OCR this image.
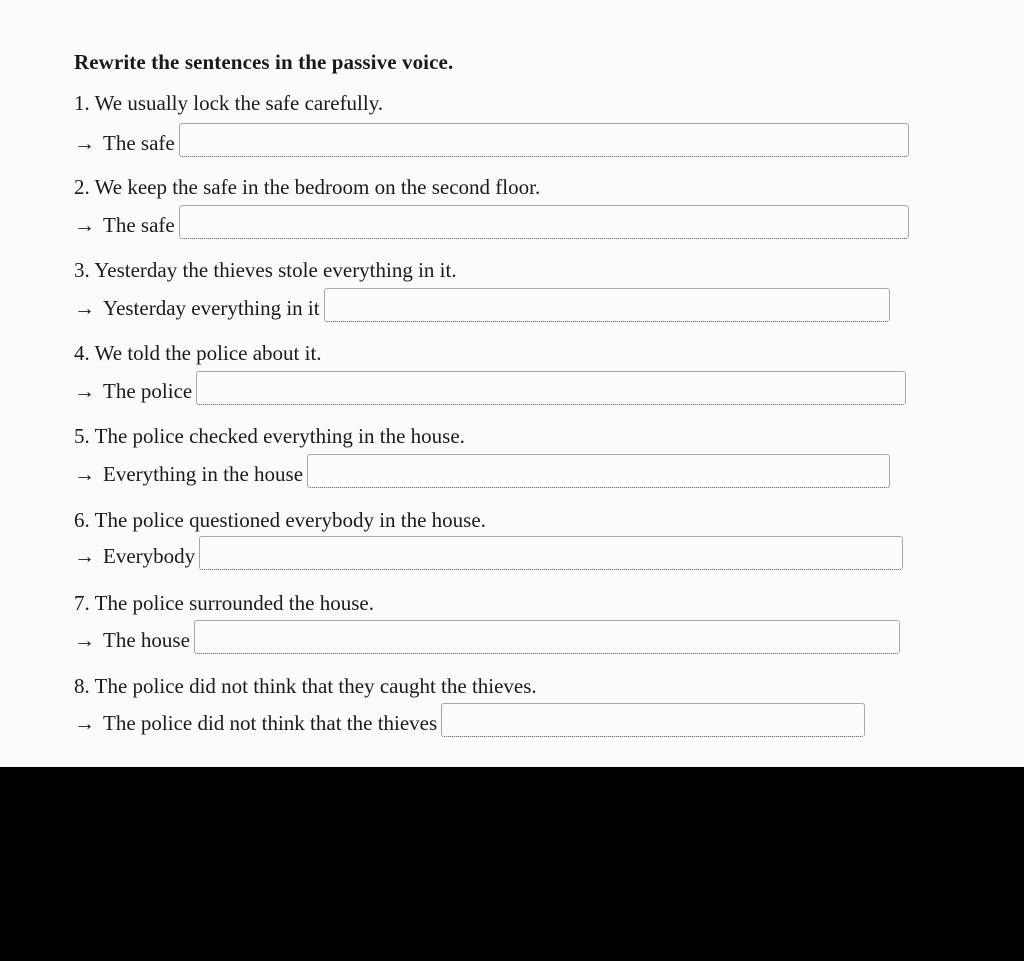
Rewrite the sentences in the passive voice.
1. We usually lock the safe carefully.
→ The safe
2. We keep the safe in the bedroom on the second floor.
→ The safe
3. Yesterday the thieves stole everything in it.
→ Yesterday everything in it
4. We told the police about it.
→ The police
5. The police checked everything in the house.
→ Everything in the house
6. The police questioned everybody in the house.
→ Everybody
7. The police surrounded the house.
→ The house
8. The police did not think that they caught the thieves.
→ The police did not think that the thieves
